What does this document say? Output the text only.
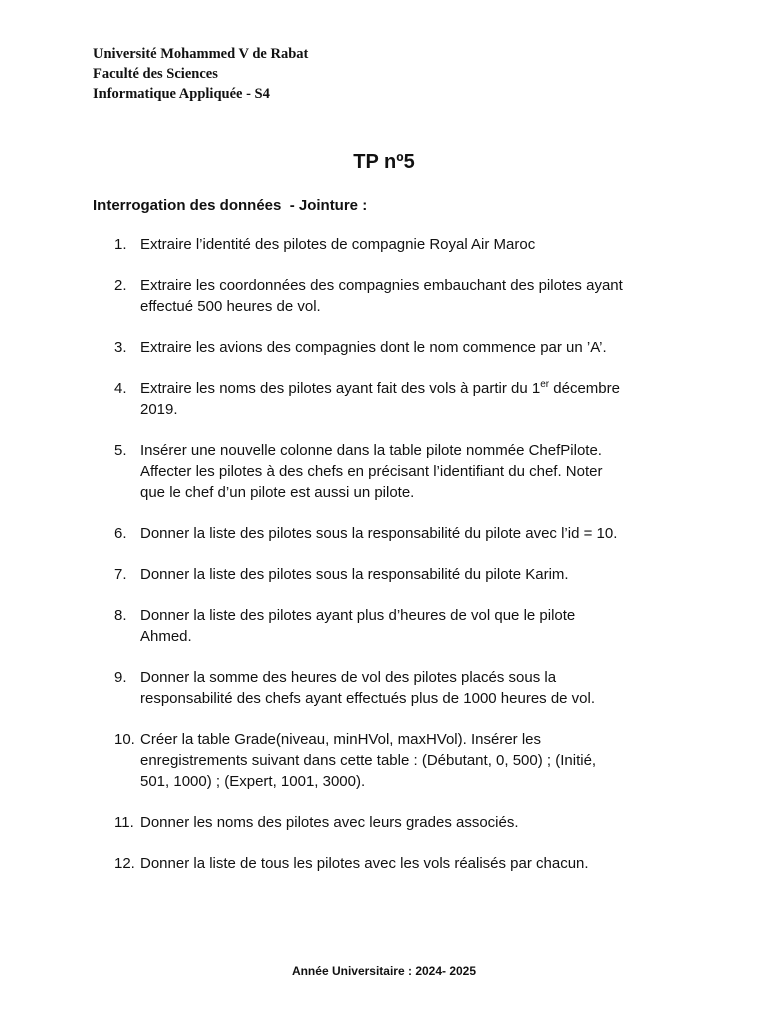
Université Mohammed V de Rabat
Faculté des Sciences
Informatique Appliquée - S4
TP nº5
Interrogation des données  - Jointure :
1. Extraire l’identité des pilotes de compagnie Royal Air Maroc
2. Extraire les coordonnées des compagnies embauchant des pilotes ayant
effectué 500 heures de vol.
3. Extraire les avions des compagnies dont le nom commence par un ’A’.
4. Extraire les noms des pilotes ayant fait des vols à partir du 1er décembre
2019.
5. Insérer une nouvelle colonne dans la table pilote nommée ChefPilote.
Affecter les pilotes à des chefs en précisant l’identifiant du chef. Noter
que le chef d’un pilote est aussi un pilote.
6. Donner la liste des pilotes sous la responsabilité du pilote avec l’id = 10.
7. Donner la liste des pilotes sous la responsabilité du pilote Karim.
8. Donner la liste des pilotes ayant plus d’heures de vol que le pilote
Ahmed.
9. Donner la somme des heures de vol des pilotes placés sous la
responsabilité des chefs ayant effectués plus de 1000 heures de vol.
10. Créer la table Grade(niveau, minHVol, maxHVol). Insérer les
enregistrements suivant dans cette table : (Débutant, 0, 500) ; (Initié,
501, 1000) ; (Expert, 1001, 3000).
11. Donner les noms des pilotes avec leurs grades associés.
12. Donner la liste de tous les pilotes avec les vols réalisés par chacun.
Année Universitaire : 2024- 2025
